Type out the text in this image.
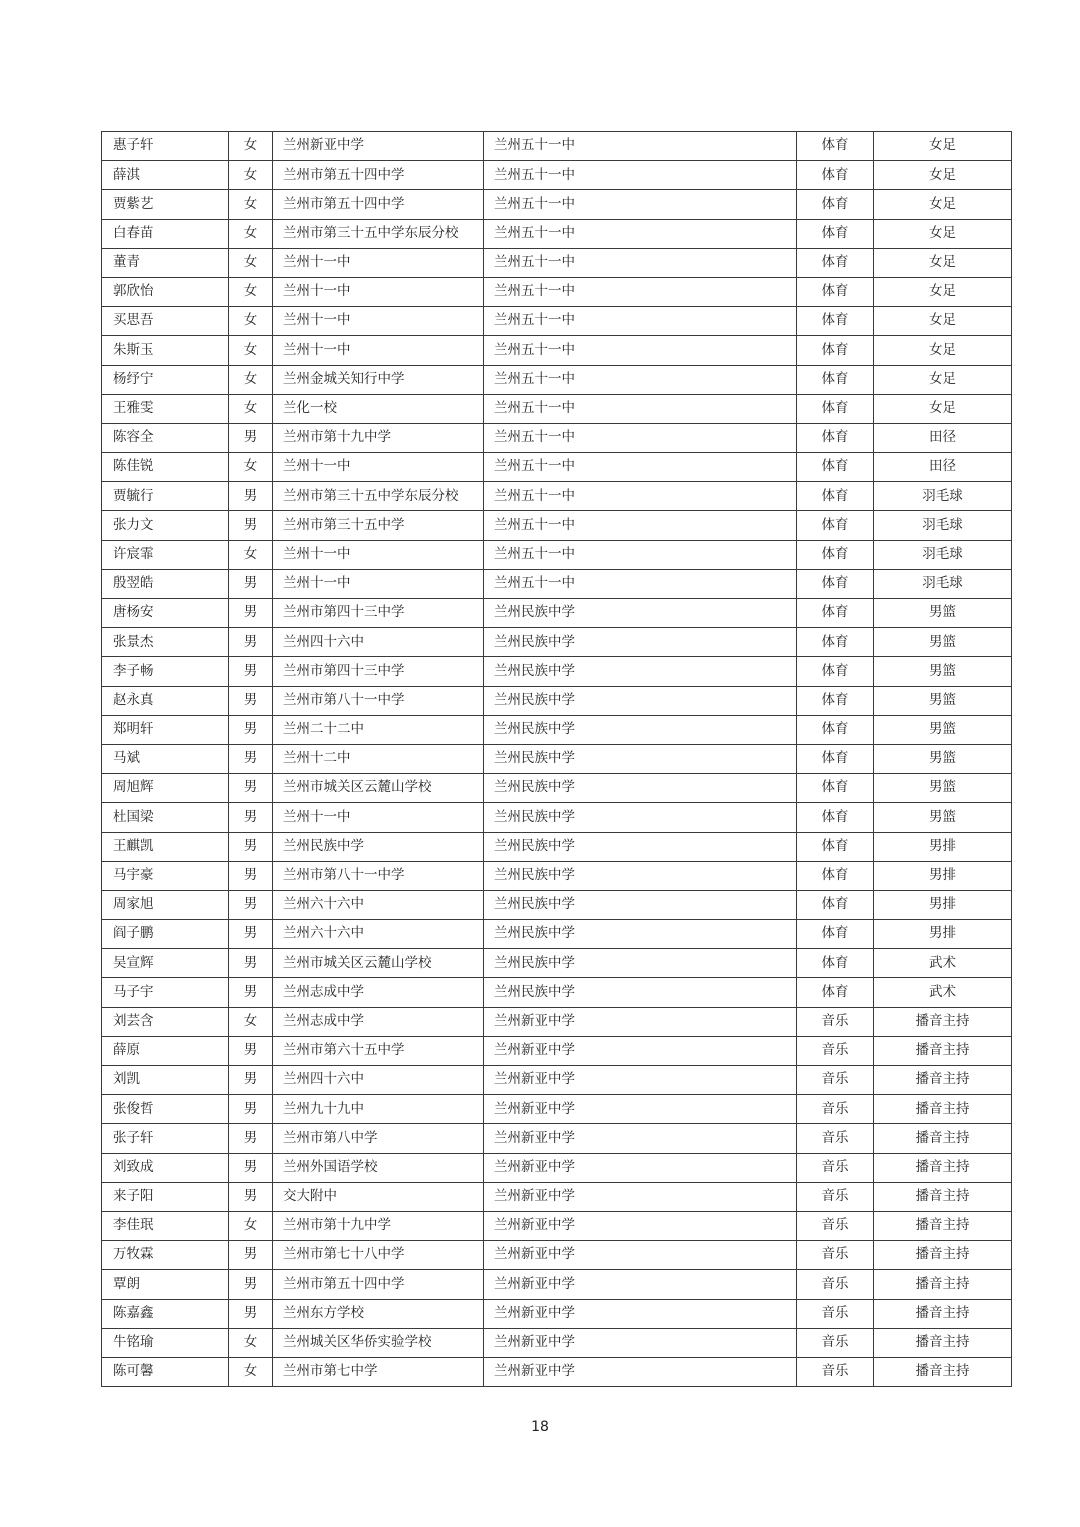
惠子轩	女	兰州新亚中学	兰州五十一中	体育	女足
薛淇	女	兰州市第五十四中学	兰州五十一中	体育	女足
贾紫艺	女	兰州市第五十四中学	兰州五十一中	体育	女足
白春苗	女	兰州市第三十五中学东辰分校	兰州五十一中	体育	女足
董青	女	兰州十一中	兰州五十一中	体育	女足
郭欣怡	女	兰州十一中	兰州五十一中	体育	女足
买思吾	女	兰州十一中	兰州五十一中	体育	女足
朱斯玉	女	兰州十一中	兰州五十一中	体育	女足
杨纾宁	女	兰州金城关知行中学	兰州五十一中	体育	女足
王雅雯	女	兰化一校	兰州五十一中	体育	女足
陈容全	男	兰州市第十九中学	兰州五十一中	体育	田径
陈佳锐	女	兰州十一中	兰州五十一中	体育	田径
贾毓行	男	兰州市第三十五中学东辰分校	兰州五十一中	体育	羽毛球
张力文	男	兰州市第三十五中学	兰州五十一中	体育	羽毛球
许宸霏	女	兰州十一中	兰州五十一中	体育	羽毛球
殷翌皓	男	兰州十一中	兰州五十一中	体育	羽毛球
唐杨安	男	兰州市第四十三中学	兰州民族中学	体育	男篮
张景杰	男	兰州四十六中	兰州民族中学	体育	男篮
李子畅	男	兰州市第四十三中学	兰州民族中学	体育	男篮
赵永真	男	兰州市第八十一中学	兰州民族中学	体育	男篮
郑明轩	男	兰州二十二中	兰州民族中学	体育	男篮
马斌	男	兰州十二中	兰州民族中学	体育	男篮
周旭辉	男	兰州市城关区云麓山学校	兰州民族中学	体育	男篮
杜国梁	男	兰州十一中	兰州民族中学	体育	男篮
王麒凯	男	兰州民族中学	兰州民族中学	体育	男排
马宇豪	男	兰州市第八十一中学	兰州民族中学	体育	男排
周家旭	男	兰州六十六中	兰州民族中学	体育	男排
阎子鹏	男	兰州六十六中	兰州民族中学	体育	男排
吴宣辉	男	兰州市城关区云麓山学校	兰州民族中学	体育	武术
马子宇	男	兰州志成中学	兰州民族中学	体育	武术
刘芸含	女	兰州志成中学	兰州新亚中学	音乐	播音主持
薛原	男	兰州市第六十五中学	兰州新亚中学	音乐	播音主持
刘凯	男	兰州四十六中	兰州新亚中学	音乐	播音主持
张俊哲	男	兰州九十九中	兰州新亚中学	音乐	播音主持
张子轩	男	兰州市第八中学	兰州新亚中学	音乐	播音主持
刘致成	男	兰州外国语学校	兰州新亚中学	音乐	播音主持
来子阳	男	交大附中	兰州新亚中学	音乐	播音主持
李佳珉	女	兰州市第十九中学	兰州新亚中学	音乐	播音主持
万牧霖	男	兰州市第七十八中学	兰州新亚中学	音乐	播音主持
覃朗	男	兰州市第五十四中学	兰州新亚中学	音乐	播音主持
陈嘉鑫	男	兰州东方学校	兰州新亚中学	音乐	播音主持
牛铭瑜	女	兰州城关区华侨实验学校	兰州新亚中学	音乐	播音主持
陈可馨	女	兰州市第七中学	兰州新亚中学	音乐	播音主持
18
